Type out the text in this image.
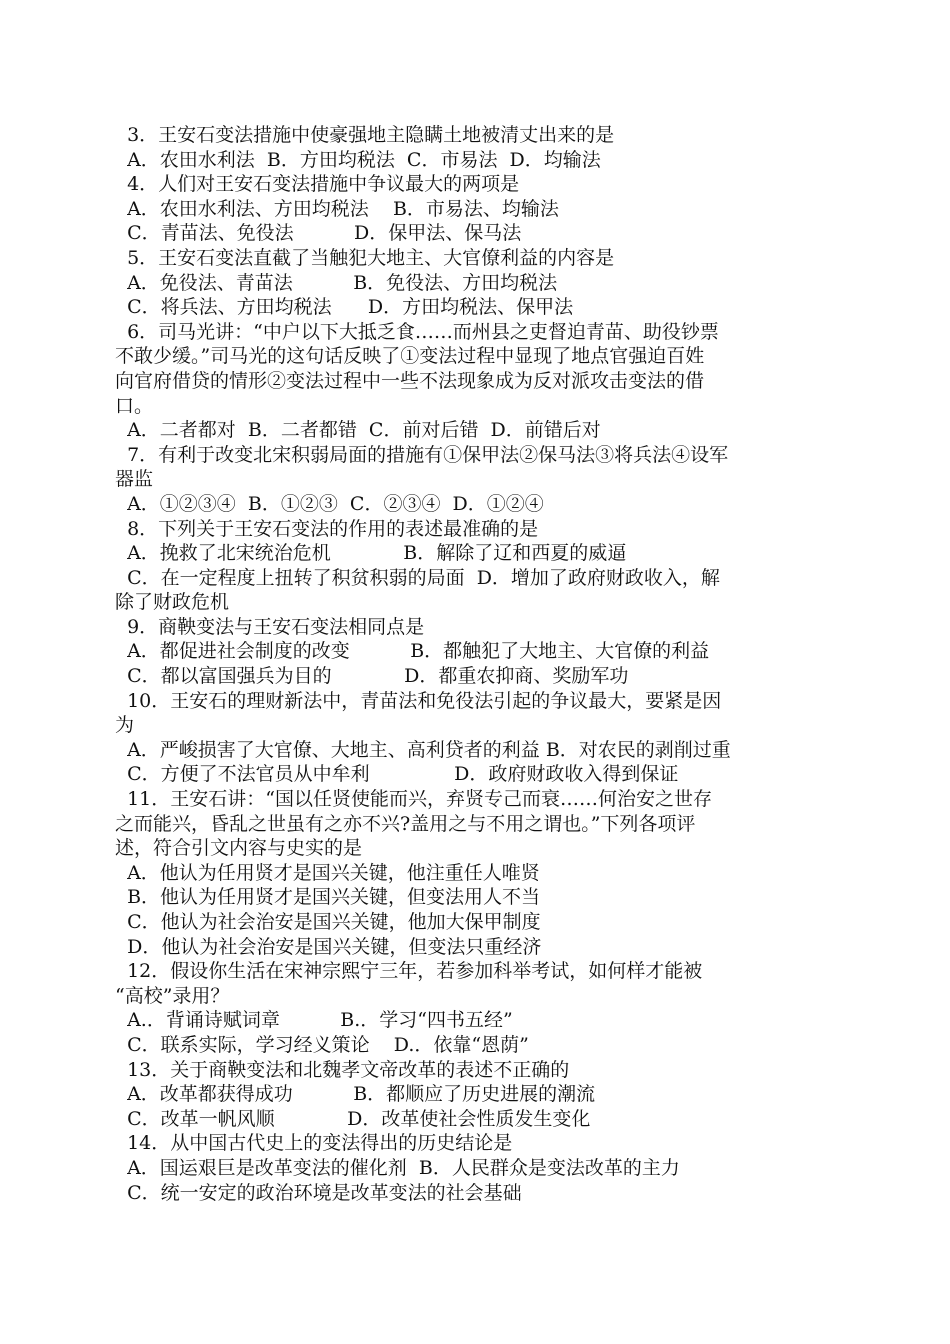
3．王安石变法措施中使豪强地主隐瞒土地被清丈出来的是
A．农田水利法  B．方田均税法  C．市易法  D．均输法
4．人们对王安石变法措施中争议最大的两项是
A．农田水利法、方田均税法    B．市易法、均输法
C．青苗法、免役法          D．保甲法、保马法
5．王安石变法直截了当触犯大地主、大官僚利益的内容是
A．免役法、青苗法          B．免役法、方田均税法
C．将兵法、方田均税法      D．方田均税法、保甲法
6．司马光讲：“中户以下大抵乏食……而州县之吏督迫青苗、助役钞票
不敢少缓。”司马光的这句话反映了①变法过程中显现了地点官强迫百姓
向官府借贷的情形②变法过程中一些不法现象成为反对派攻击变法的借
口。
A．二者都对  B．二者都错  C．前对后错  D．前错后对
7．有利于改变北宋积弱局面的措施有①保甲法②保马法③将兵法④设军
器监
A．①②③④  B．①②③  C．②③④  D．①②④
8．下列关于王安石变法的作用的表述最准确的是
A．挽救了北宋统治危机            B．解除了辽和西夏的威逼
C．在一定程度上扭转了积贫积弱的局面  D．增加了政府财政收入，解
除了财政危机
9．商鞅变法与王安石变法相同点是
A．都促进社会制度的改变          B．都触犯了大地主、大官僚的利益
C．都以富国强兵为目的            D．都重农抑商、奖励军功
10．王安石的理财新法中，青苗法和免役法引起的争议最大，要紧是因
为
A．严峻损害了大官僚、大地主、高利贷者的利益 B．对农民的剥削过重
C．方便了不法官员从中牟利              D．政府财政收入得到保证
11．王安石讲：“国以任贤使能而兴，弃贤专己而衰……何治安之世存
之而能兴，昏乱之世虽有之亦不兴?盖用之与不用之谓也。”下列各项评
述，符合引文内容与史实的是
A．他认为任用贤才是国兴关键，他注重任人唯贤
B．他认为任用贤才是国兴关键，但变法用人不当
C．他认为社会治安是国兴关键，他加大保甲制度
D．他认为社会治安是国兴关键，但变法只重经济
12．假设你生活在宋神宗熙宁三年，若参加科举考试，如何样才能被
“高校”录用？
A.．背诵诗赋词章          B.．学习“四书五经”
C．联系实际，学习经义策论    D.．依靠“恩荫”
13．关于商鞅变法和北魏孝文帝改革的表述不正确的
A．改革都获得成功          B．都顺应了历史进展的潮流
C．改革一帆风顺            D．改革使社会性质发生变化
14．从中国古代史上的变法得出的历史结论是
A．国运艰巨是改革变法的催化剂  B．人民群众是变法改革的主力
C．统一安定的政治环境是改革变法的社会基础
